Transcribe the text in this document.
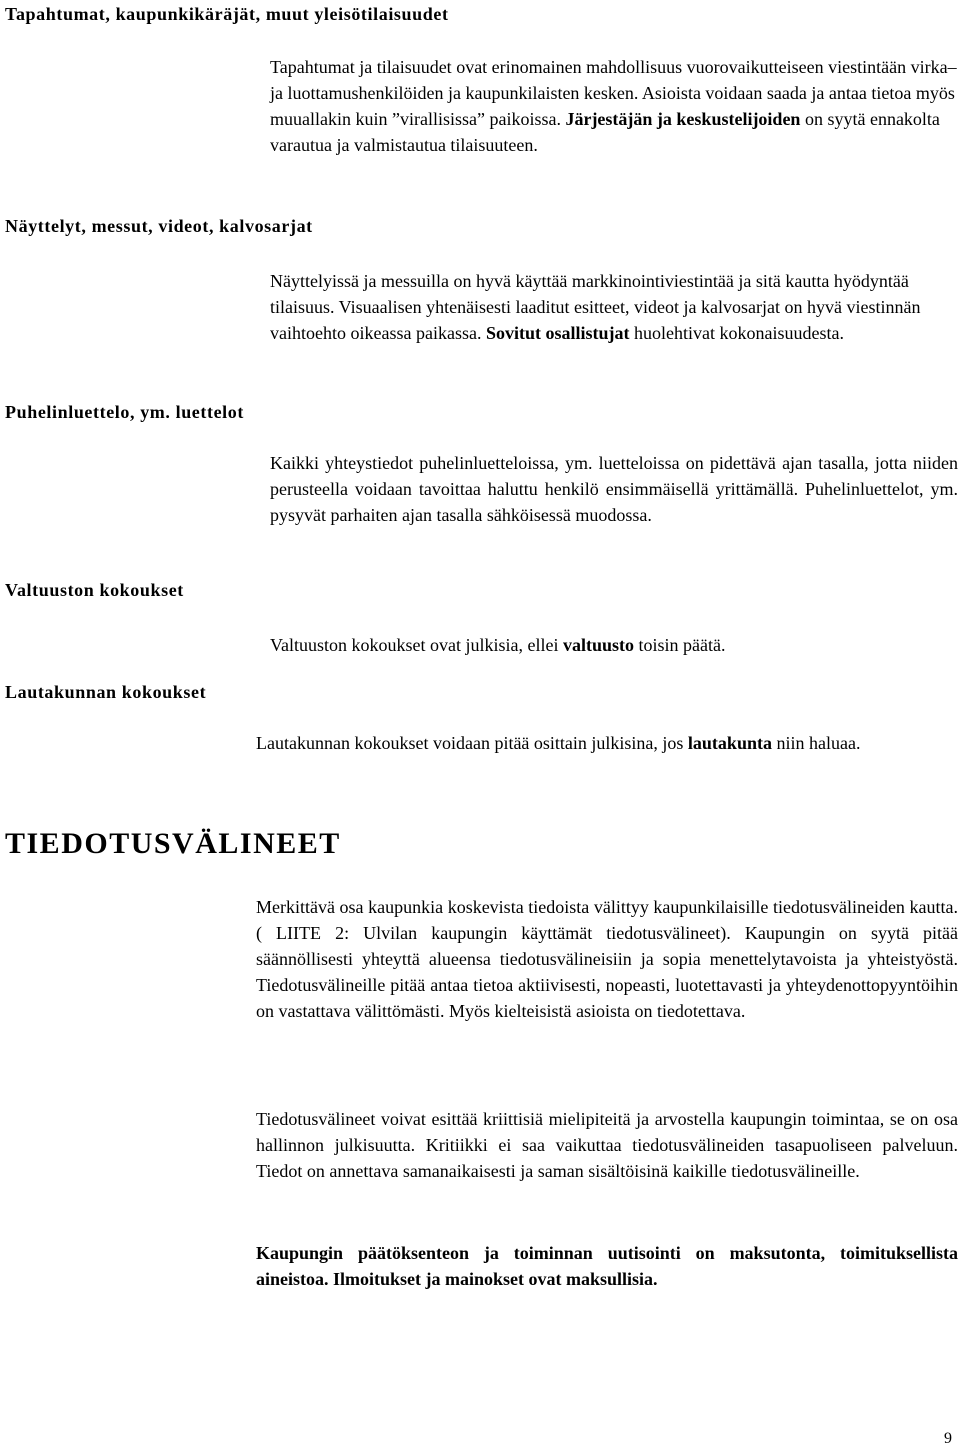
Tapahtumat, kaupunkikäräjät, muut yleisötilaisuudet
Tapahtumat ja tilaisuudet ovat erinomainen mahdollisuus vuorovaikutteiseen viestintään virka– ja luottamushenkilöiden ja kaupunkilaisten kesken. Asioista voidaan saada ja antaa tietoa myös muuallakin kuin ”virallisissa” paikoissa. Järjestäjän ja keskustelijoiden on syytä ennakolta varautua ja valmistautua tilaisuuteen.
Näyttelyt, messut, videot, kalvosarjat
Näyttelyissä ja messuilla on hyvä käyttää markkinointiviestintää ja sitä kautta hyödyntää tilaisuus. Visuaalisen yhtenäisesti laaditut esitteet, videot ja kalvosarjat on hyvä viestinnän vaihtoehto oikeassa paikassa. Sovitut osallistujat huolehtivat kokonaisuudesta.
Puhelinluettelo, ym. luettelot
Kaikki yhteystiedot puhelinluetteloissa, ym. luetteloissa on pidettävä ajan tasalla, jotta niiden perusteella voidaan tavoittaa haluttu henkilö ensimmäisellä yrittämällä. Puhelinluettelot, ym. pysyvät parhaiten ajan tasalla sähköisessä muodossa.
Valtuuston kokoukset
Valtuuston kokoukset ovat julkisia, ellei valtuusto toisin päätä.
Lautakunnan kokoukset
Lautakunnan kokoukset voidaan pitää osittain julkisina, jos lautakunta niin haluaa.
TIEDOTUSVÄLINEET
Merkittävä osa kaupunkia koskevista tiedoista välittyy kaupunkilaisille tiedotusvälineiden kautta. ( LIITE 2: Ulvilan kaupungin käyttämät tiedotusvälineet). Kaupungin on syytä pitää säännöllisesti yhteyttä alueensa tiedotusvälineisiin ja sopia menettelytavoista ja yhteistyöstä. Tiedotusvälineille pitää antaa tietoa aktiivisesti, nopeasti, luotettavasti ja yhteydenottopyyntöihin on vastattava välittömästi. Myös kielteisistä asioista on tiedotettava.
Tiedotusvälineet voivat esittää kriittisiä mielipiteitä ja arvostella kaupungin toimintaa, se on osa hallinnon julkisuutta. Kritiikki ei saa vaikuttaa tiedotusvälineiden tasapuoliseen palveluun. Tiedot on annettava samanaikaisesti ja saman sisältöisinä kaikille tiedotusvälineille.
Kaupungin päätöksenteon ja toiminnan uutisointi on maksutonta, toimituksellista aineistoa. Ilmoitukset ja mainokset ovat maksullisia.
9
